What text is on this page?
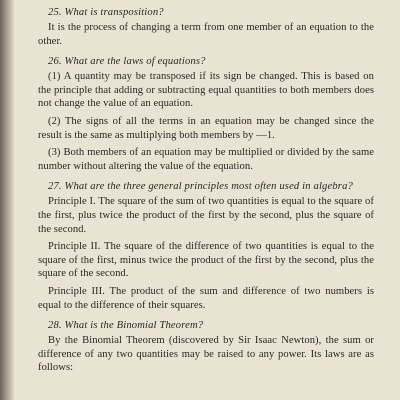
25. What is transposition?

It is the process of changing a term from one member of an equation to the other.

26. What are the laws of equations?

(1) A quantity may be transposed if its sign be changed. This is based on the principle that adding or subtracting equal quantities to both members does not change the value of an equation.

(2) The signs of all the terms in an equation may be changed since the result is the same as multiplying both members by —1.

(3) Both members of an equation may be multiplied or divided by the same number without altering the value of the equation.

27. What are the three general principles most often used in algebra?

Principle I. The square of the sum of two quantities is equal to the square of the first, plus twice the product of the first by the second, plus the square of the second.

Principle II. The square of the difference of two quantities is equal to the square of the first, minus twice the product of the first by the second, plus the square of the second.

Principle III. The product of the sum and difference of two numbers is equal to the difference of their squares.

28. What is the Binomial Theorem?

By the Binomial Theorem (discovered by Sir Isaac Newton), the sum or difference of any two quantities may be raised to any power. Its laws are as follows:
